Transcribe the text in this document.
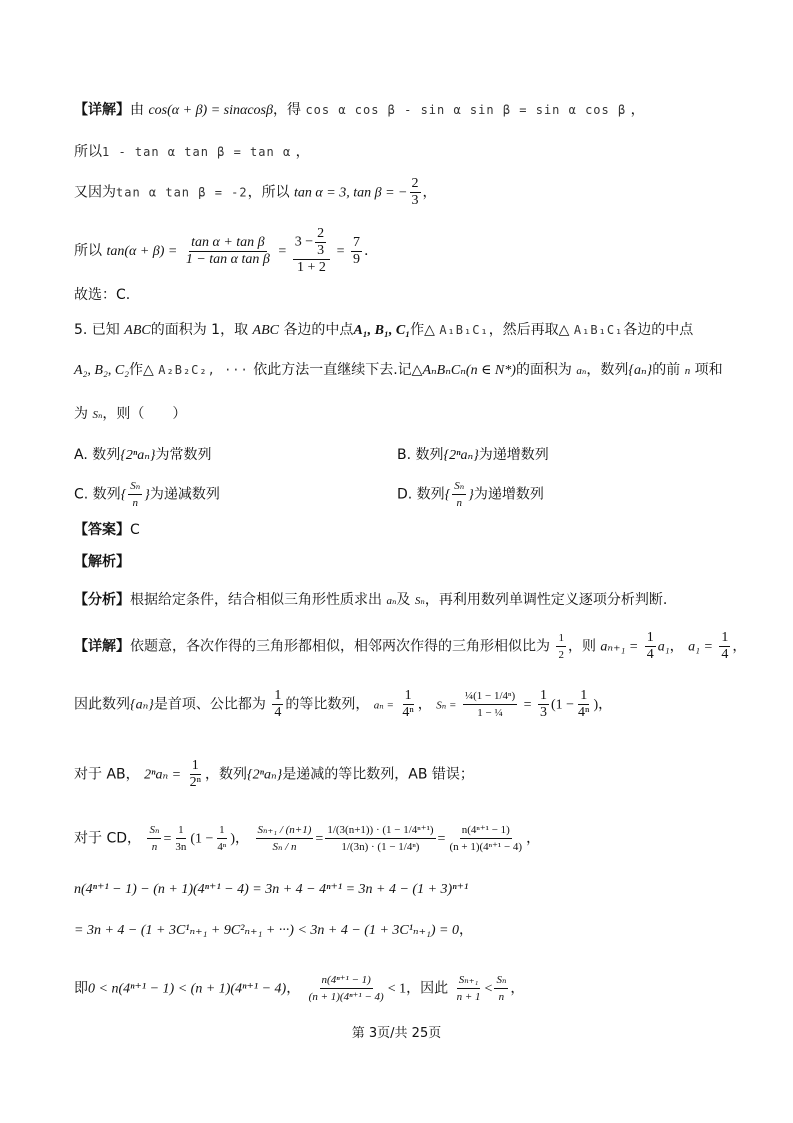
【详解】由 cos(α + β) = sinαcosβ，得 cos α cos β - sin α sin β = sin α cos β ，
所以1 - tan α tan β = tan α ，
又因为tan α tan β = -2，所以 tan α = 3, tan β = − $\frac{2}{3}$ ，
所以 $\tan(\alpha + \beta) = \frac{\text{tan α + tan β}}{\text{1 − tan α tan β}} = \frac{3 - \frac{2}{3}}{1 + 2} = \frac{7}{9}$ .
故选：C.
5. 已知 ABC的面积为 1，取 ABC 各边的中点A₁, B₁, C₁作△ A₁B₁C₁，然后再取△ A₁B₁C₁各边的中点
A₂, B₂, C₂作△ A₂B₂C₂, ··· 依此方法一直继续下去.记△AₙBₙCₙ(n ∈ N*)的面积为 aₙ，数列{aₙ}的前 n 项和
为 Sₙ，则（　　）
A. 数列{2ⁿaₙ}为常数列	B. 数列{2ⁿaₙ}为递增数列
C. 数列{ $\frac{\text{Sₙ}}{n}$ }为递减数列	D. 数列{ $\frac{\text{Sₙ}}{n}$ }为递增数列
【答案】C
【解析】
【分析】根据给定条件，结合相似三角形性质求出 aₙ及 Sₙ，再利用数列单调性定义逐项分析判断.
【详解】依题意，各次作得的三角形都相似，相邻两次作得的三角形相似比为 $\frac{1}{2}$ ，则 $a_{n+1} = \frac{1}{4} a_1$， $a_1 = \frac{1}{4}$ ，
因此数列{aₙ}是首项、公比都为 $\frac{1}{4}$ 的等比数列， $a_n = \frac{1}{\text{4ⁿ}}$ ， $S_n = \frac{\text{¼(1 − 1/4ⁿ)}}{\text{1 − ¼}} = \frac{1}{3} (1 - \frac{1}{\text{4ⁿ}}$ )，
对于 AB， $2^na_n = \frac{1}{\text{2ⁿ}}$ ，数列{2ⁿaₙ}是递减的等比数列，AB 错误；
对于 CD， $\frac{\text{Sₙ}}{n} = \frac{1}{3n} (1 - \frac{1}{\text{4ⁿ}}$ )， $\frac{\text{Sₙ₊₁ / (n+1)}}{\text{Sₙ / n}} = \frac{\text{1/(3(n+1)) · (1 − 1/4ⁿ⁺¹)}}{\text{1/(3n) · (1 − 1/4ⁿ)}} = \frac{\text{n(4ⁿ⁺¹ − 1)}}{\text{(n + 1)(4ⁿ⁺¹ − 4)}}$ ，
n(4ⁿ⁺¹ − 1) − (n + 1)(4ⁿ⁺¹ − 4) = 3n + 4 − 4ⁿ⁺¹ = 3n + 4 − (1 + 3)ⁿ⁺¹
= 3n + 4 − (1 + 3C¹ₙ₊₁ + 9C²ₙ₊₁ + ···) < 3n + 4 − (1 + 3C¹ₙ₊₁) = 0，
即0 < n(4ⁿ⁺¹ − 1) < (n + 1)(4ⁿ⁺¹ − 4)， $\frac{\text{n(4ⁿ⁺¹ − 1)}}{\text{(n + 1)(4ⁿ⁺¹ − 4)}} < 1$，因此 $\frac{\text{Sₙ₊₁}}{n + 1} < \frac{\text{Sₙ}}{n}$ ，
第 3页/共 25页
